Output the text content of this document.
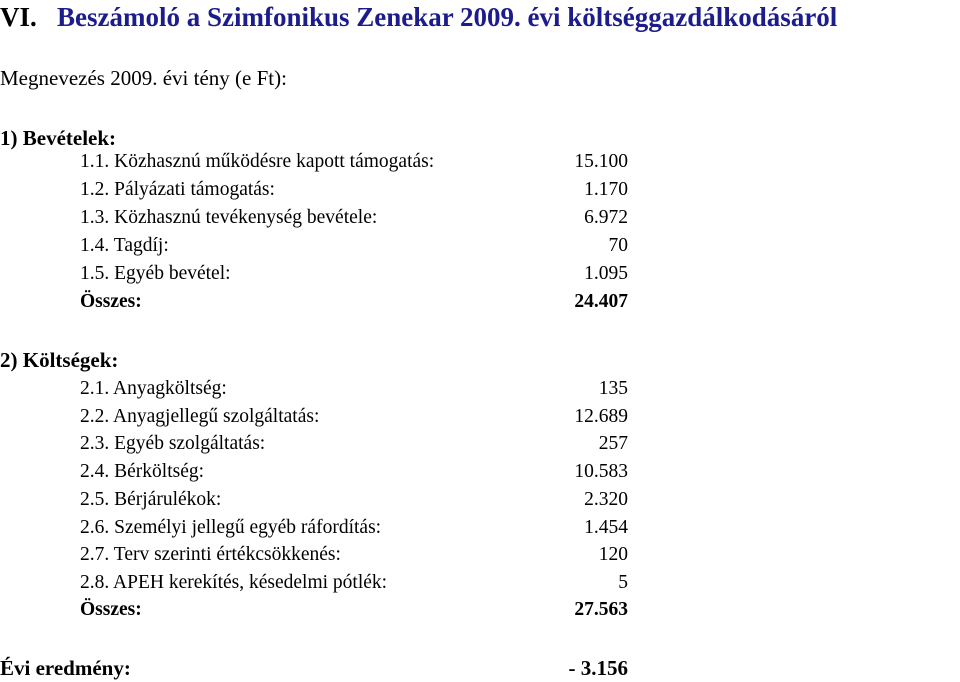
VI. Beszámoló a Szimfonikus Zenekar 2009. évi költséggazdálkodásáról
Megnevezés 2009. évi tény (e Ft):
1) Bevételek:
1.1. Közhasznú működésre kapott támogatás:	15.100
1.2. Pályázati támogatás:	1.170
1.3. Közhasznú tevékenység bevétele:	6.972
1.4. Tagdíj:	70
1.5. Egyéb bevétel:	1.095
Összes:	24.407
2) Költségek:
2.1. Anyagköltség:	135
2.2. Anyagjellegű szolgáltatás:	12.689
2.3. Egyéb szolgáltatás:	257
2.4. Bérköltség:	10.583
2.5. Bérjárulékok:	2.320
2.6. Személyi jellegű egyéb ráfordítás:	1.454
2.7. Terv szerinti értékcsökkenés:	120
2.8. APEH kerekítés, késedelmi pótlék:	5
Összes:	27.563
Évi eredmény:	- 3.156
